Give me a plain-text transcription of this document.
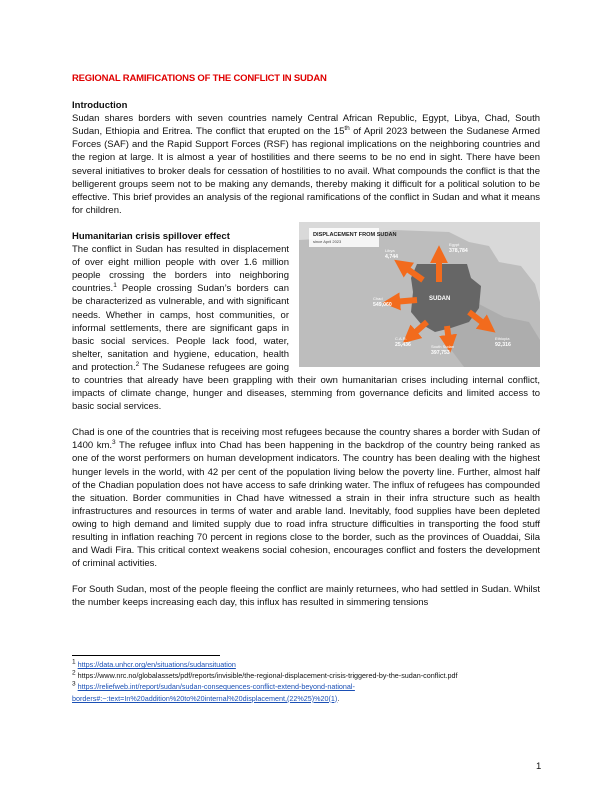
REGIONAL RAMIFICATIONS OF THE CONFLICT IN SUDAN
Introduction

Sudan shares borders with seven countries namely Central African Republic, Egypt, Libya, Chad, South Sudan, Ethiopia and Eritrea. The conflict that erupted on the 15th of April 2023 between the Sudanese Armed Forces (SAF) and the Rapid Support Forces (RSF) has regional implications on the neighboring countries and the region at large. It is almost a year of hostilities and there seems to be no end in sight. There have been several initiatives to broker deals for cessation of hostilities to no avail. What compounds the conflict is that the belligerent groups seem not to be making any demands, thereby making it difficult for a political solution to be effective. This brief provides an analysis of the regional ramifications of the conflict in Sudan and what it means for children.

DISPLACEMENT FROM SUDAN
since April 2023
SUDAN
Libya
4,744
Egypt
378,784
Chad
549,060
C.A.R.
25,436	South Sudan
397,753
Ethiopia
92,316
Humanitarian crisis spillover effect

The conflict in Sudan has resulted in displacement of over eight million people with over 1.6 million people crossing the borders into neighboring countries.$^1$ People crossing Sudan’s borders can be characterized as vulnerable, and with significant needs. Whether in camps, host communities, or informal settlements, there are significant gaps in basic social services. People lack food, water, shelter, sanitation and hygiene, education, health and protection.$^2$ The Sudanese refugees are going to countries that already have been grappling with their own humanitarian crises including internal conflict, impacts of climate change, hunger and diseases, stemming from governance deficits and limited access to basic social services.

Chad is one of the countries that is receiving most refugees because the country shares a border with Sudan of 1400 km.$^3$ The refugee influx into Chad has been happening in the backdrop of the country being ranked as one of the worst performers on human development indicators. The country has been dealing with the highest hunger levels in the world, with 42 per cent of the population living below the poverty line. Further, almost half of the Chadian population does not have access to safe drinking water. The influx of refugees has compounded the situation. Border communities in Chad have witnessed a strain in their infra structure such as health infrastructures and resources in terms of water and arable land. Inevitably, food supplies have been depleted owing to high demand and limited supply due to road infra structure difficulties in transporting the food stuff resulting in inflation reaching 70 percent in regions close to the border, such as the provinces of Ouaddai, Sila and Wadi Fira. This critical context weakens social cohesion, encourages conflict and fosters the development of criminal activities.

For South Sudan, most of the people fleeing the conflict are mainly returnees, who had settled in Sudan. Whilst the number keeps increasing each day, this influx has resulted in simmering tensions

$^1$ https://data.unhcr.org/en/situations/sudansituation
$^2$ https://www.nrc.no/globalassets/pdf/reports/invisible/the-regional-displacement-crisis-triggered-by-the-sudan-conflict.pdf
$^3$ https://reliefweb.int/report/sudan/sudan-consequences-conflict-extend-beyond-national-borders#:~:text=In%20addition%20to%20internal%20displacement,(22%25)%20(1).
1
